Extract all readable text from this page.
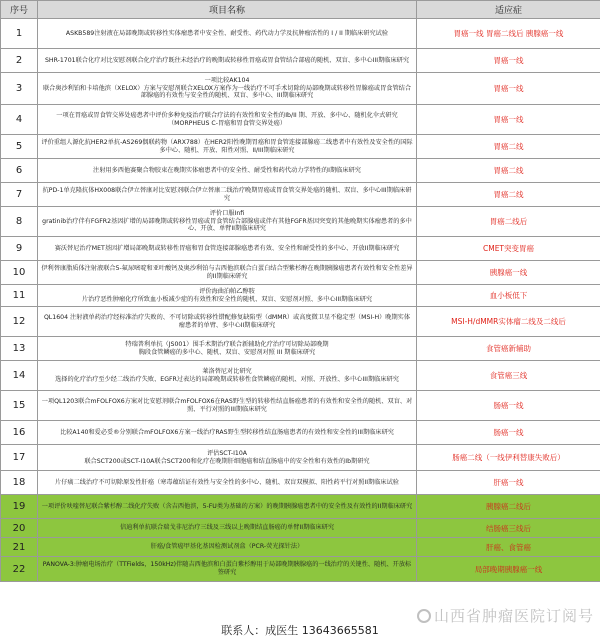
序号	项目名称	适应症
1	ASKB589注射液在局部晚期或转移性实体瘤患者中安全性、耐受性、药代动力学及抗肿瘤活性的 I / II 期临床研究试验	胃癌一线 胃癌二线后 胰腺癌一线
2	SHR-1701联合化疗对比安慰剂联合化疗治疗既往未经治疗的晚期或转移性胃癌或胃食管结合部癌的随机、双盲、多中心III期临床研究	胃癌一线
3	一项比较AK104
联合奥沙利铂和卡培他滨（XELOX）方案与安慰剂联合XELOX方案作为一线治疗不可手术切除的局部晚期或转移性胃腺癌或胃食管结合部腺癌的有效性与安全性的随机、双盲、多中心、III期临床研究	胃癌一线
4	一项在胃癌或胃食管交界处癌患者中评价多种免疫治疗联合疗法的有效性和安全性的Ib/II 期、开放、多中心、随机化伞式研究（MORPHEUS C-胃癌和胃食管交界处癌）	胃癌一线
5	评价重组人源化抗HER2单抗-AS269偶联药物（ARX788）在HER2阳性晚期胃癌和胃食管连接部腺癌二线患者中有效性及安全性的国际多中心、随机、开放、阳性对照、II/III期临床研究	胃癌二线
6	注射用多西他赛聚合物胶束在晚期实体瘤患者中的安全性、耐受性和药代动力学特性的I期临床研究	胃癌二线
7	抗PD-1单克隆抗体HX008联合伊立替康对比安慰剂联合伊立替康二线治疗晚期胃癌或胃食管交界处癌的随机、双盲、多中心III期临床研究	胃癌二线
8	评价口服Infi
gratinib治疗伴有FGFR2基因扩增的局部晚期或转移性胃癌或胃食管结合部腺癌或伴有其他FGFR基因突变的其他晚期实体瘤患者的多中心、开放、单臂II期临床研究	胃癌二线后
9	赛沃替尼治疗MET基因扩增局部晚期或转移性胃癌和胃食管连接部腺癌患者有效、安全性和耐受性的多中心、开放II期临床研究	CMET突变胃癌
10	伊利替康脂质体注射液联合5-氟尿嘧啶和亚叶酸钙及奥沙利铂与吉西他滨联合白蛋白结合型紫杉醇在晚期胰腺癌患者有效性和安全性差异的II期临床研究	胰腺癌一线
11	评价海曲泊帕乙醇胺
片治疗恶性肿瘤化疗所致血小板减少症的有效性和安全性的随机、双盲、安慰剂对照、多中心III期临床研究	血小板低下
12	QL1604 注射液单药治疗经标准治疗失败的、不可切除或转移性错配修复缺陷型（dMMR）或高度微卫星不稳定型（MSI-H）晚期实体瘤患者的单臂、多中心II期临床研究	MSI-H/dMMR实体瘤二线及二线后
13	特瑞普利单抗（JS001）围手术期治疗联合新辅助化疗治疗可切除局部晚期
胸段食管鳞癌的多中心、随机、双盲、安慰剂对照 III 期临床研究	食管癌新辅助
14	莱洛替尼对比研究
选择的化疗治疗至少经二线治疗失败、EGFR过表达的局部晚期或转移性食管鳞癌的随机、对照、开放性、多中心III期临床研究	食管癌三线
15	一项QL1203联合mFOLFOX6方案对比安慰剂联合mFOLFOX6在RAS野生型的转移性结直肠癌患者的有效性和安全性的随机、双盲、对照、平行对照的III期临床研究	肠癌一线
16	比较A140和爱必妥®分别联合mFOLFOX6方案一线治疗RAS野生型转移性结直肠癌患者的有效性和安全性的III期临床研究	肠癌一线
17	评估SCT-I10A
联合SCT200或SCT-I10A联合SCT200和化疗在晚期肝细胞癌和结直肠癌中的安全性和有效性的Ib期研究	肠癌二线（一线伊利替康失败后）
18	片仔癀二线治疗不可切除原发性肝癌（寒毒蕴结证有效性与安全性的多中心、随机、双盲双模拟、阳性药平行对照II期临床试验	肝癌一线
19	一项评价呋喹替尼联合紫杉醇二线化疗失败（含吉西他滨，5-FU类为基础的方案）的晚期胰腺癌患者中的安全性及有效性的II期临床研究	胰腺癌二线后
20	信迪利单抗联合瑞戈非尼治疗三线及三线以上晚期结直肠癌的单臂II期临床研究	结肠癌三线后
21	肝癌/食管癌甲基化基因检测试剂盒（PCR-荧光探针法）	肝癌、食管癌
22	PANOVA-3:肿瘤电场治疗（TTFields，150kHz)伴随吉西他滨和白蛋白紫杉醇用于局部晚期胰腺癌的一线治疗的关键性、随机、开放标签研究	局部晚期胰腺癌一线
联系人：成医生 13643665581
山西省肿瘤医院订阅号
